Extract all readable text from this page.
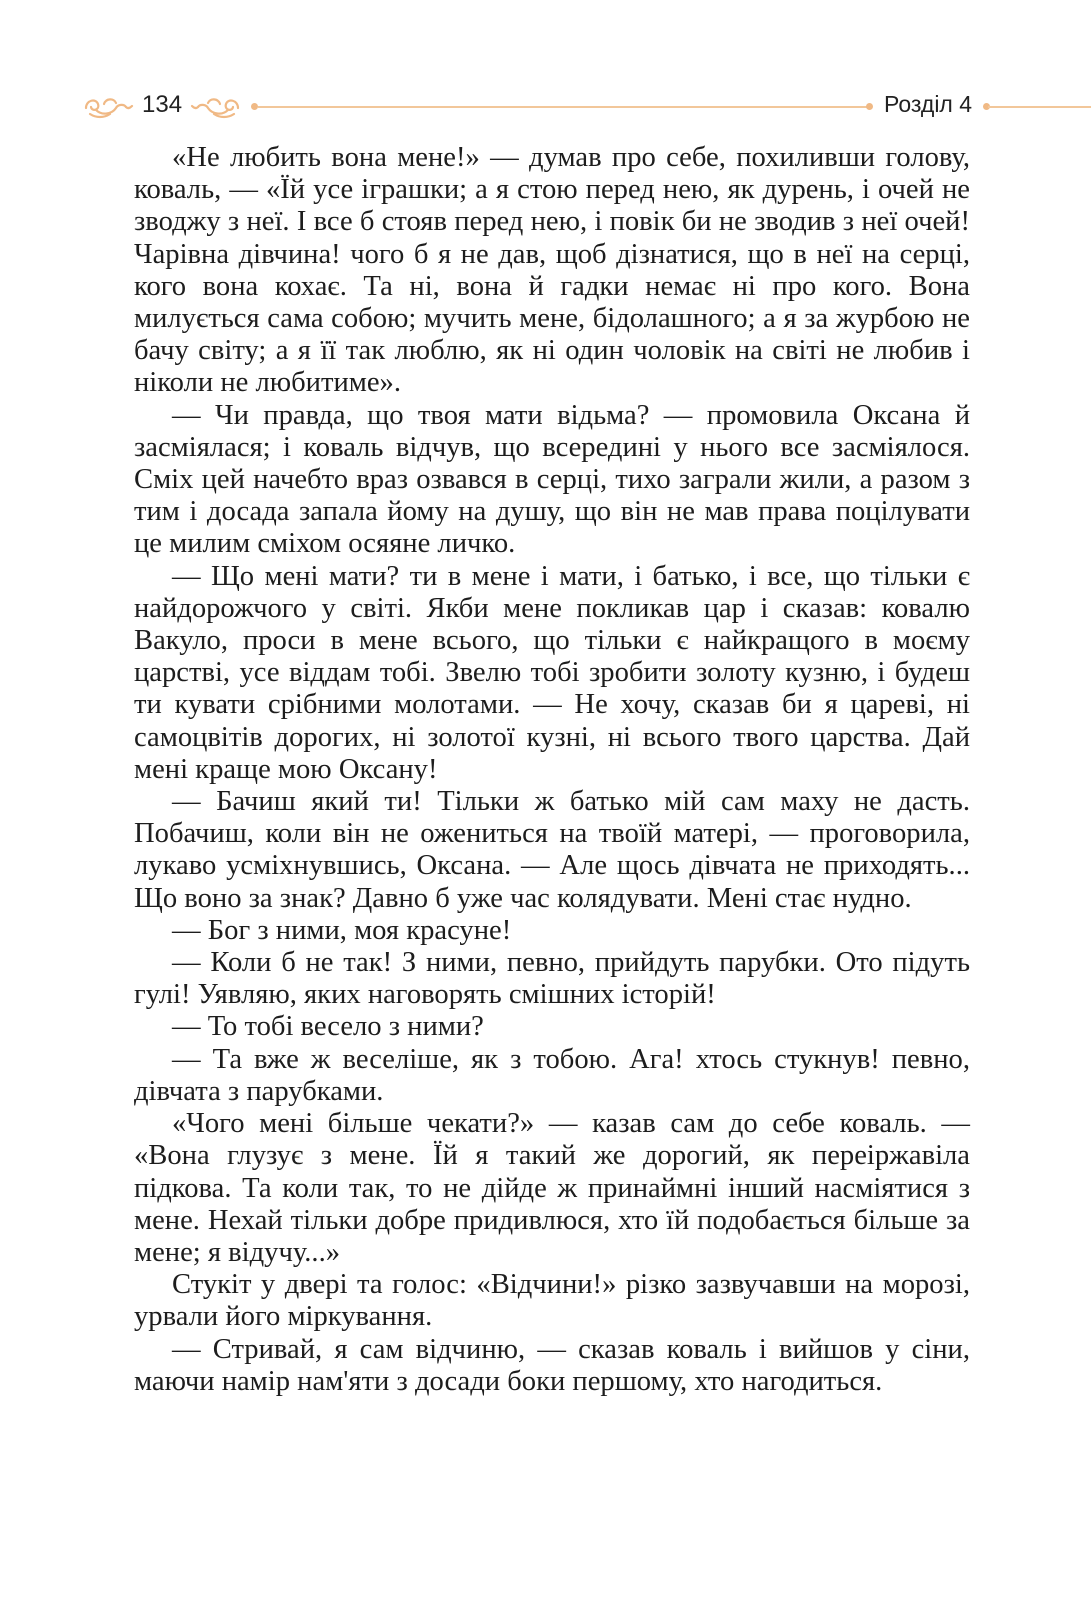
134	Розділ 4

«Не любить вона мене!» — думав про себе, похиливши голову, коваль, — «Їй усе іграшки; а я стою перед нею, як дурень, і очей не зводжу з неї. І все б стояв перед нею, і повік би не зводив з неї очей! Чарівна дівчина! чого б я не дав, щоб дізнатися, що в неї на серці, кого вона кохає. Та ні, вона й гадки немає ні про кого. Вона милується сама собою; мучить мене, бідолашного; а я за журбою не бачу світу; а я її так люблю, як ні один чоловік на світі не любив і ніколи не любитиме».

— Чи правда, що твоя мати відьма? — промовила Оксана й засміялася; і коваль відчув, що всередині у нього все засміялося. Сміх цей начебто враз озвався в серці, тихо заграли жили, а разом з тим і досада запала йому на душу, що він не мав права поцілувати це милим сміхом осяяне личко.

— Що мені мати? ти в мене і мати, і батько, і все, що тільки є найдорожчого у світі. Якби мене покликав цар і сказав: ковалю Вакуло, проси в мене всього, що тільки є найкращого в моєму царстві, усе віддам тобі. Звелю тобі зробити золоту кузню, і будеш ти кувати срібними молотами. — Не хочу, сказав би я цареві, ні самоцвітів дорогих, ні золотої кузні, ні всього твого царства. Дай мені краще мою Оксану!

— Бачиш який ти! Тільки ж батько мій сам маху не дасть. Побачиш, коли він не ожениться на твоїй матері, — проговорила, лукаво усміхнувшись, Оксана. — Але щось дівчата не приходять... Що воно за знак? Давно б уже час колядувати. Мені стає нудно.

— Бог з ними, моя красуне!

— Коли б не так! З ними, певно, прийдуть парубки. Ото підуть гулі! Уявляю, яких наговорять смішних історій!

— То тобі весело з ними?

— Та вже ж веселіше, як з тобою. Ага! хтось стукнув! певно, дівчата з парубками.

«Чого мені більше чекати?» — казав сам до себе коваль. — «Вона глузує з мене. Їй я такий же дорогий, як переіржавіла підкова. Та коли так, то не дійде ж принаймні інший насміятися з мене. Нехай тільки добре придивлюся, хто їй подобається більше за мене; я відучу...»

Стукіт у двері та голос: «Відчини!» різко зазвучавши на морозі, урвали його міркування.

— Стривай, я сам відчиню, — сказав коваль і вийшов у сіни, маючи намір нам'яти з досади боки першому, хто нагодиться.
